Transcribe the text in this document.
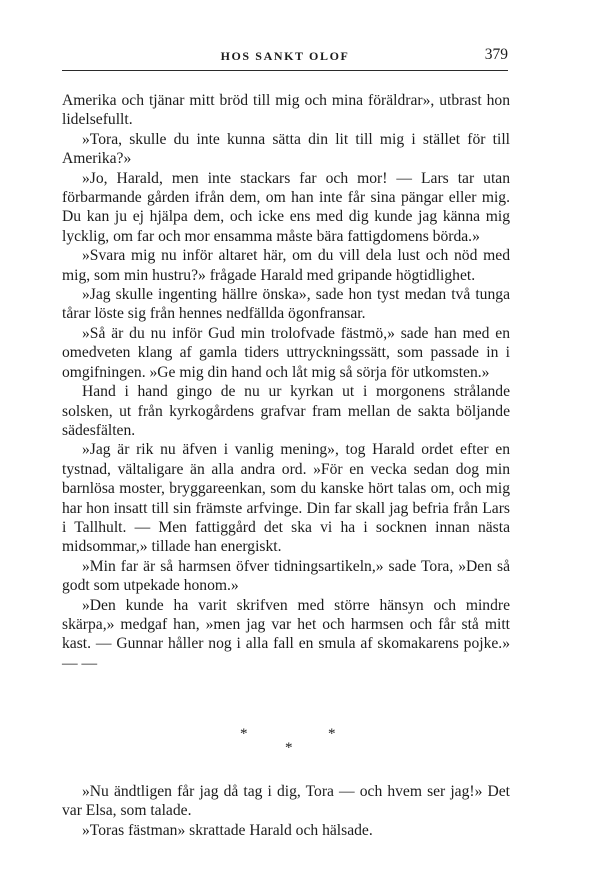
HOS SANKT OLOF	379

Amerika och tjänar mitt bröd till mig och mina föräldrar», utbrast hon lidelsefullt.

»Tora, skulle du inte kunna sätta din lit till mig i stället för till Amerika?»

»Jo, Harald, men inte stackars far och mor! — Lars tar utan förbarmande gården ifrån dem, om han inte får sina pängar eller mig. Du kan ju ej hjälpa dem, och icke ens med dig kunde jag känna mig lycklig, om far och mor ensamma måste bära fattigdomens börda.»

»Svara mig nu inför altaret här, om du vill dela lust och nöd med mig, som min hustru?» frågade Harald med gripande högtidlighet.

»Jag skulle ingenting hällre önska», sade hon tyst medan två tunga tårar löste sig från hennes nedfällda ögonfransar.

»Så är du nu inför Gud min trolofvade fästmö,» sade han med en omedveten klang af gamla tiders uttryckningssätt, som passade in i omgifningen. »Ge mig din hand och låt mig så sörja för utkomsten.»

Hand i hand gingo de nu ur kyrkan ut i morgonens strålande solsken, ut från kyrkogårdens grafvar fram mellan de sakta böljande sädesfälten.

»Jag är rik nu äfven i vanlig mening», tog Harald ordet efter en tystnad, vältaligare än alla andra ord. »För en vecka sedan dog min barnlösa moster, bryggareenkan, som du kanske hört talas om, och mig har hon insatt till sin främste arfvinge. Din far skall jag befria från Lars i Tallhult. — Men fattiggård det ska vi ha i socknen innan nästa midsommar,» tillade han energiskt.

»Min far är så harmsen öfver tidningsartikeln,» sade Tora, »Den så godt som utpekade honom.»

»Den kunde ha varit skrifven med större hänsyn och mindre skärpa,» medgaf han, »men jag var het och harmsen och får stå mitt kast. — Gunnar håller nog i alla fall en smula af skomakarens pojke.» — —

*	*
*

»Nu ändtligen får jag då tag i dig, Tora — och hvem ser jag!» Det var Elsa, som talade.

»Toras fästman» skrattade Harald och hälsade.
